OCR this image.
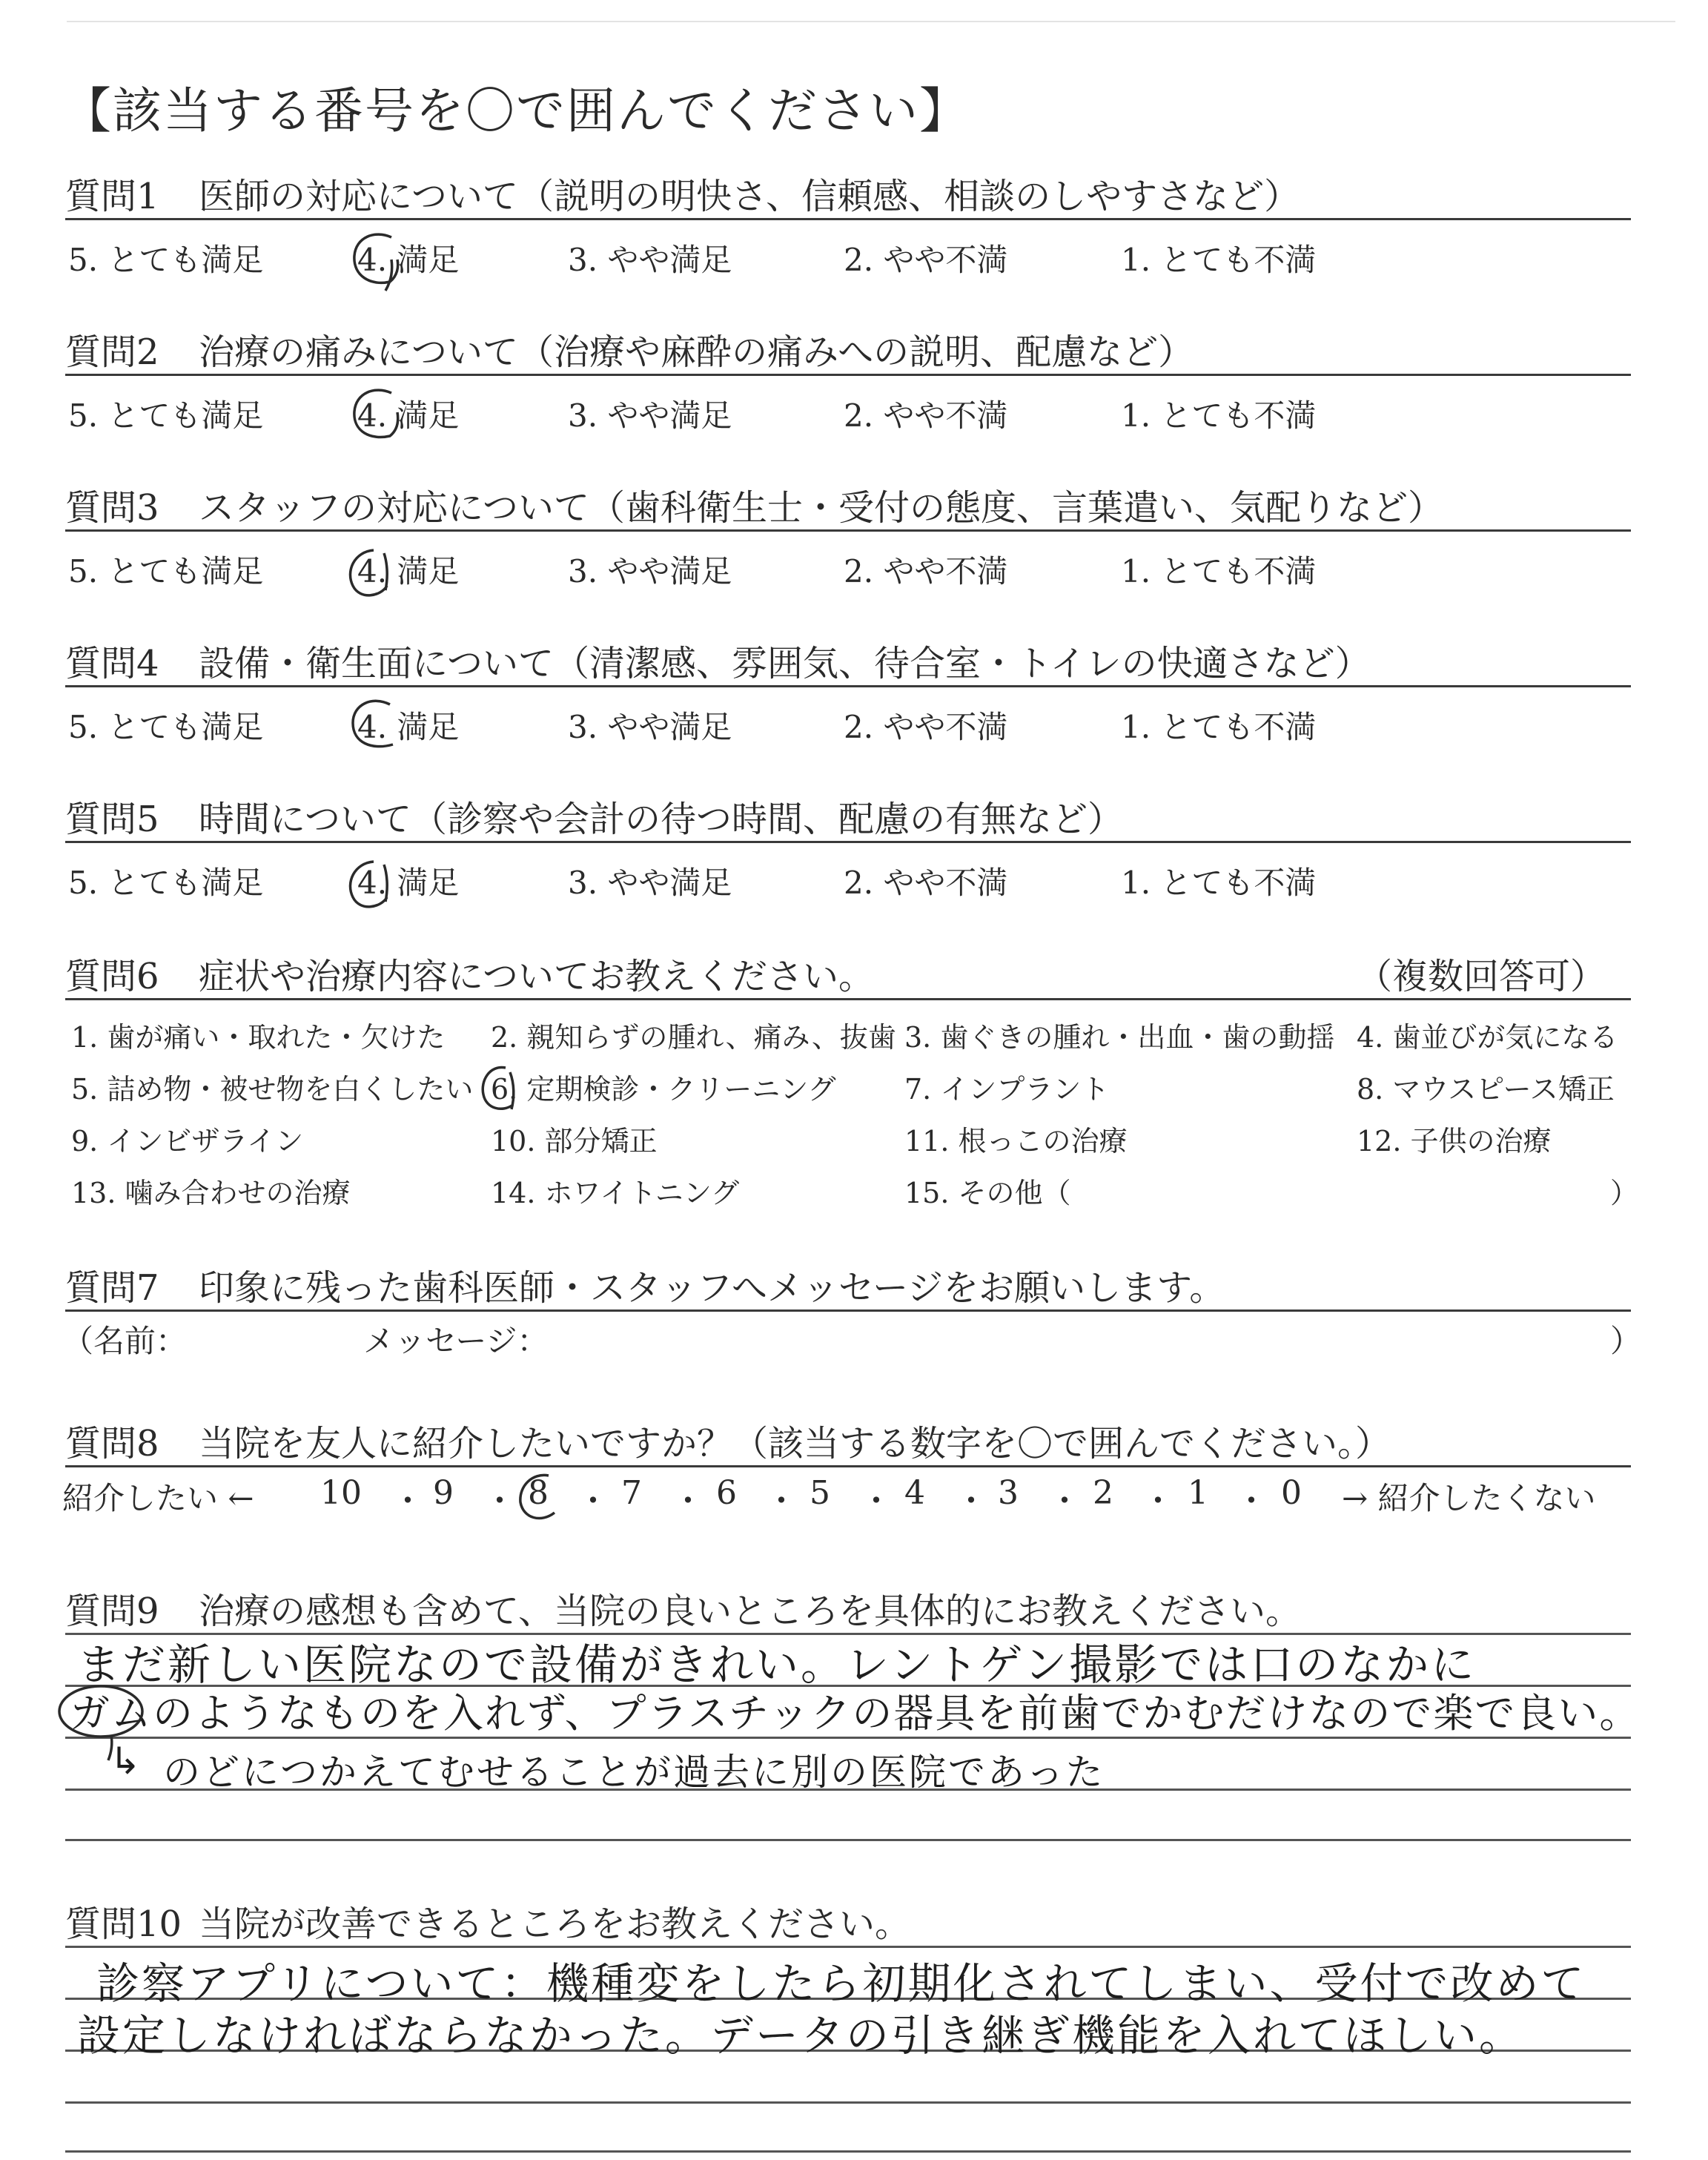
【該当する番号を〇で囲んでください】
質問1 医師の対応について（説明の明快さ、信頼感、相談のしやすさなど）
5. とても満足	4. 満足	3. やや満足	2. やや不満	1. とても不満
質問2 治療の痛みについて（治療や麻酔の痛みへの説明、配慮など）
5. とても満足	4. 満足	3. やや満足	2. やや不満	1. とても不満
質問3 スタッフの対応について（歯科衛生士・受付の態度、言葉遣い、気配りなど）
5. とても満足	4. 満足	3. やや満足	2. やや不満	1. とても不満
質問4 設備・衛生面について（清潔感、雰囲気、待合室・トイレの快適さなど）
5. とても満足	4. 満足	3. やや満足	2. やや不満	1. とても不満
質問5 時間について（診察や会計の待つ時間、配慮の有無など）
5. とても満足	4. 満足	3. やや満足	2. やや不満	1. とても不満
質問6 症状や治療内容についてお教えください。	（複数回答可）
1. 歯が痛い・取れた・欠けた 2. 親知らずの腫れ、痛み、抜歯 3. 歯ぐきの腫れ・出血・歯の動揺 4. 歯並びが気になる
5. 詰め物・被せ物を白くしたい 6. 定期検診・クリーニング 7. インプラント	8. マウスピース矯正
9. インビザライン	10. 部分矯正	11. 根っこの治療	12. 子供の治療
13. 噛み合わせの治療	14. ホワイトニング	15. その他（	）
質問7 印象に残った歯科医師・スタッフへメッセージをお願いします。
（名前：	メッセージ：	）
質問8 当院を友人に紹介したいですか？（該当する数字を〇で囲んでください。）
紹介したい ←	→ 紹介したくない
10 ・ 9 ・ 8 ・ 7 ・ 6 ・ 5 ・ 4 ・ 3 ・ 2 ・ 1 ・ 0
質問9 治療の感想も含めて、当院の良いところを具体的にお教えください。
まだ新しい医院なので設備がきれい。レントゲン撮影では口のなかに
ガムのようなものを入れず、プラスチックの器具を前歯でかむだけなので楽で良い。
↳ のどにつかえてむせることが過去に別の医院であった
質問10 当院が改善できるところをお教えください。
診察アプリについて：機種変をしたら初期化されてしまい、受付で改めて
設定しなければならなかった。データの引き継ぎ機能を入れてほしい。
